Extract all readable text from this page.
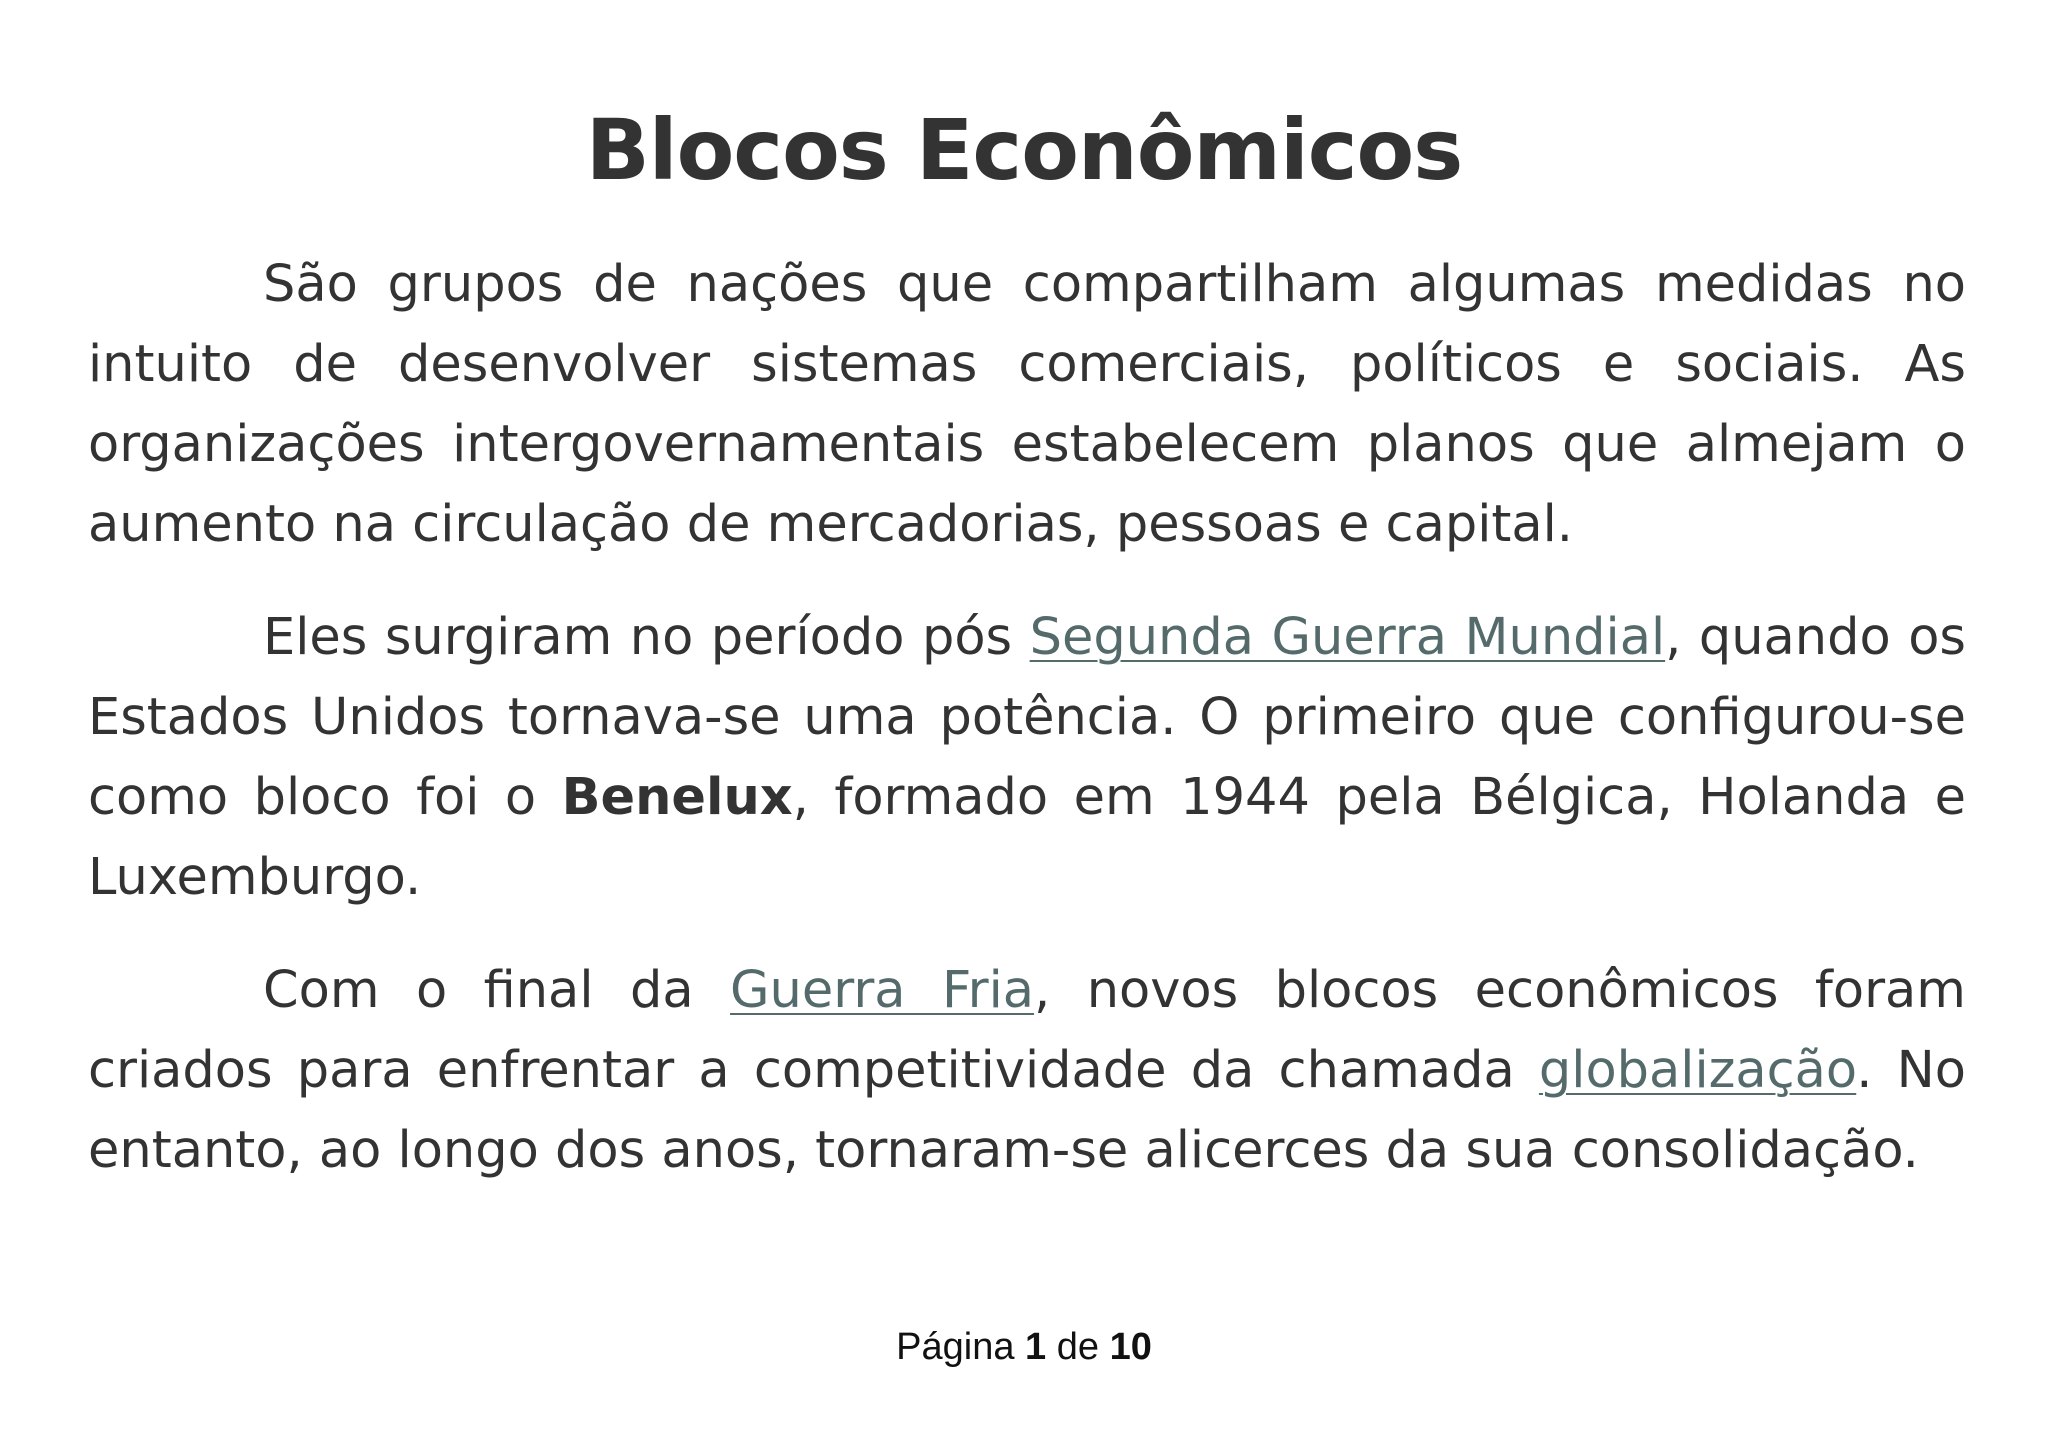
Blocos Econômicos

São grupos de nações que compartilham algumas medidas no intuito de desenvolver sistemas comerciais, políticos e sociais. As organizações intergovernamentais estabelecem planos que almejam o aumento na circulação de mercadorias, pessoas e capital.

Eles surgiram no período pós Segunda Guerra Mundial, quando os Estados Unidos tornava-se uma potência. O primeiro que configurou-se como bloco foi o Benelux, formado em 1944 pela Bélgica, Holanda e Luxemburgo.

Com o final da Guerra Fria, novos blocos econômicos foram criados para enfrentar a competitividade da chamada globalização. No entanto, ao longo dos anos, tornaram-se alicerces da sua consolidação.

Página 1 de 10
